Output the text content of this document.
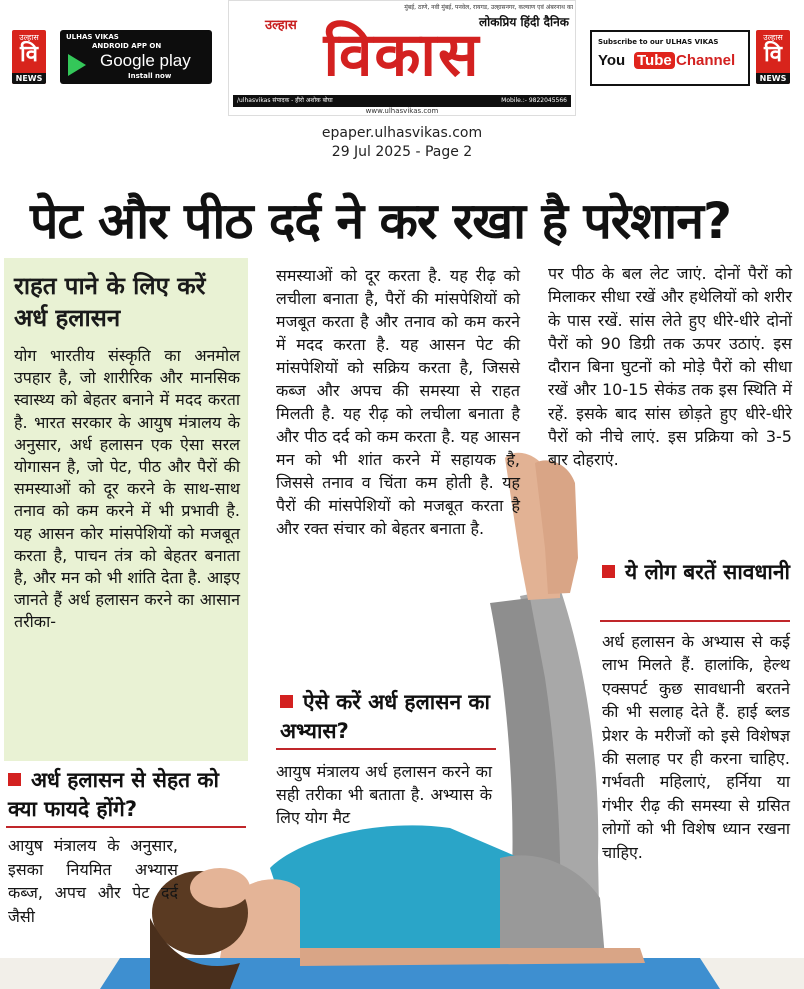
उल्हास
वि
NEWS
ULHAS VIKAS
ANDROID APP ON
Google play
Install now
मुंबई, ठाणे, नवी मुंबई, पनवेल, रायगड, उल्हासनगर, कल्याण एवं अंबरनाथ का
लोकप्रिय हिंदी दैनिक
उल्हास विकास
/ulhasvikas संपादक - हीरो अशोक बोघा	Mobile.:- 9822045566
www.ulhasvikas.com
Subscribe to our ULHAS VIKAS
You Tube Channel
उल्हास
वि
NEWS
epaper.ulhasvikas.com
29 Jul 2025 - Page 2
पेट और पीठ दर्द ने कर रखा है परेशान?
राहत पाने के लिए करें अर्ध हलासन

योग भारतीय संस्कृति का अनमोल उपहार है, जो शारीरिक और मानसिक स्वास्थ्य को बेहतर बनाने में मदद करता है. भारत सरकार के आयुष मंत्रालय के अनुसार, अर्ध हलासन एक ऐसा सरल योगासन है, जो पेट, पीठ और पैरों की समस्याओं को दूर करने के साथ-साथ तनाव को कम करने में भी प्रभावी है. यह आसन कोर मांसपेशियों को मजबूत करता है, पाचन तंत्र को बेहतर बनाता है, और मन को भी शांति देता है. आइए जानते हैं अर्ध हलासन करने का आसान तरीका-

अर्ध हलासन से सेहत को क्या फायदे होंगे?

आयुष मंत्रालय के अनुसार, इसका नियमित अभ्यास कब्ज, अपच और पेट दर्द जैसी

समस्याओं को दूर करता है. यह रीढ़ को लचीला बनाता है, पैरों की मांसपेशियों को मजबूत करता है और तनाव को कम करने में मदद करता है. यह आसन पेट की मांसपेशियों को सक्रिय करता है, जिससे कब्ज और अपच की समस्या से राहत मिलती है. यह रीढ़ को लचीला बनाता है और पीठ दर्द को कम करता है. यह आसन मन को भी शांत करने में सहायक है, जिससे तनाव व चिंता कम होती है. यह पैरों की मांसपेशियों को मजबूत करता है और रक्त संचार को बेहतर बनाता है.

ऐसे करें अर्ध हलासन का अभ्यास?

आयुष मंत्रालय अर्ध हलासन करने का सही तरीका भी बताता है. अभ्यास के लिए योग मैट

पर पीठ के बल लेट जाएं. दोनों पैरों को मिलाकर सीधा रखें और हथेलियों को शरीर के पास रखें. सांस लेते हुए धीरे-धीरे दोनों पैरों को 90 डिग्री तक ऊपर उठाएं. इस दौरान बिना घुटनों को मोड़े पैरों को सीधा रखें और 10-15 सेकंड तक इस स्थिति में रहें. इसके बाद सांस छोड़ते हुए धीरे-धीरे पैरों को नीचे लाएं. इस प्रक्रिया को 3-5 बार दोहराएं.

ये लोग बरतें सावधानी

अर्ध हलासन के अभ्यास से कई लाभ मिलते हैं. हालांकि, हेल्थ एक्सपर्ट कुछ सावधानी बरतने की भी सलाह देते हैं. हाई ब्लड प्रेशर के मरीजों को इसे विशेषज्ञ की सलाह पर ही करना चाहिए. गर्भवती महिलाएं, हर्निया या गंभीर रीढ़ की समस्या से ग्रसित लोगों को भी विशेष ध्यान रखना चाहिए.
